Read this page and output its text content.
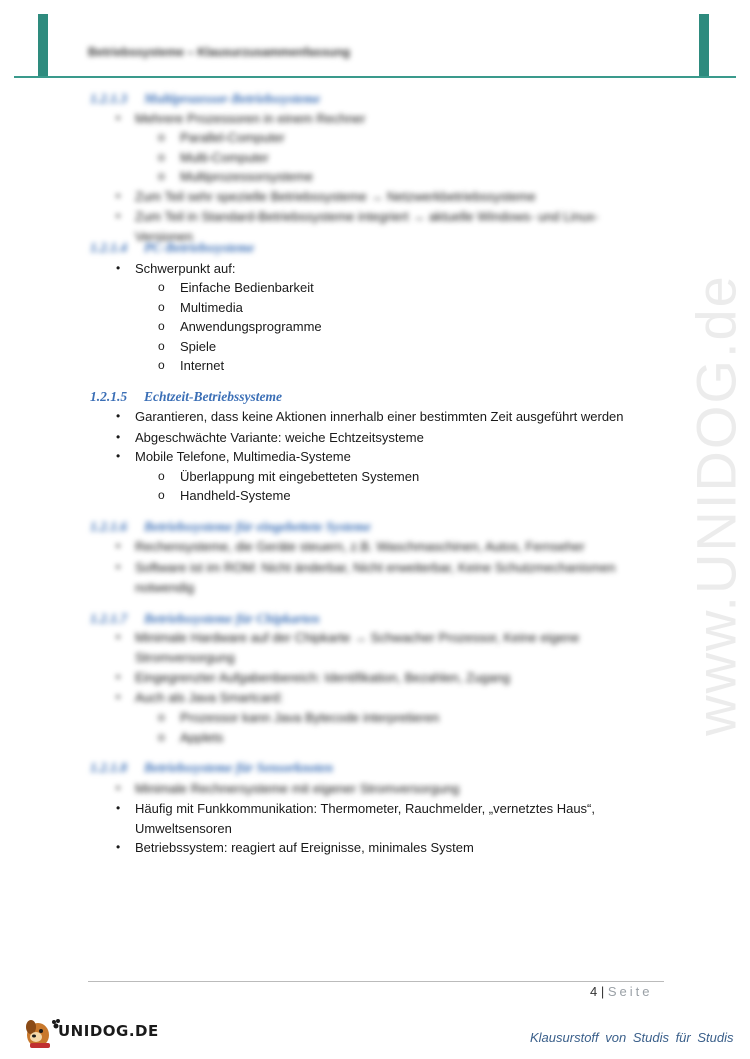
Betriebssysteme – Klausurzusammenfassung
www.UNIDOG.de
1.2.1.3 Multiprozessor-Betriebssysteme
• Mehrere Prozessoren in einem Rechner
o Parallel-Computer
o Multi-Computer
o Multiprozessorsysteme
• Zum Teil sehr spezielle Betriebssysteme → Netzwerkbetriebssysteme
• Zum Teil in Standard-Betriebssysteme integriert → aktuelle Windows- und Linux-Versionen
1.2.1.4 PC-Betriebssysteme
• Schwerpunkt auf:
o Einfache Bedienbarkeit
o Multimedia
o Anwendungsprogramme
o Spiele
o Internet
1.2.1.5 Echtzeit-Betriebssysteme
• Garantieren, dass keine Aktionen innerhalb einer bestimmten Zeit ausgeführt werden
• Abgeschwächte Variante: weiche Echtzeitsysteme
• Mobile Telefone, Multimedia-Systeme
o Überlappung mit eingebetteten Systemen
o Handheld-Systeme
1.2.1.6 Betriebssysteme für eingebettete Systeme
• Rechensysteme, die Geräte steuern, z.B. Waschmaschinen, Autos, Fernseher
• Software ist im ROM: Nicht änderbar, Nicht erweiterbar, Keine Schutzmechanismen notwendig
1.2.1.7 Betriebssysteme für Chipkarten
• Minimale Hardware auf der Chipkarte → Schwacher Prozessor, Keine eigene Stromversorgung
• Eingegrenzter Aufgabenbereich: Identifikation, Bezahlen, Zugang
• Auch als Java Smartcard:
o Prozessor kann Java Bytecode interpretieren
o Applets
1.2.1.8 Betriebssysteme für Sensorknoten
• Minimale Rechnersysteme mit eigener Stromversorgung
• Häufig mit Funkkommunikation: Thermometer, Rauchmelder, „vernetztes Haus“, Umweltsensoren
• Betriebssystem: reagiert auf Ereignisse, minimales System
4 | Seite
UNIDOG.DE	Klausurstoff von Studis für Studis
